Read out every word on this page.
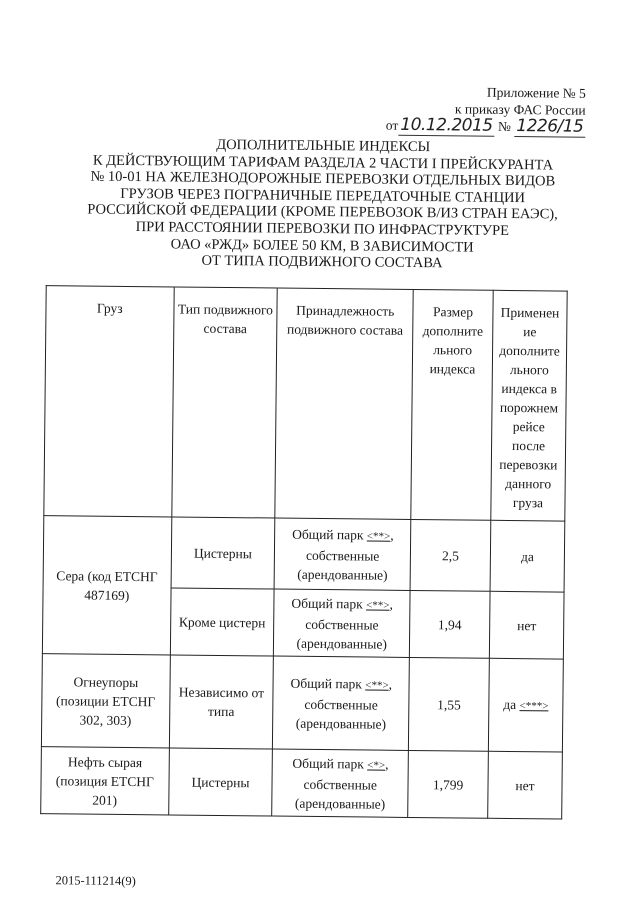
Приложение № 5
к приказу ФАС России
от 10.12.2015 № 1226/15
ДОПОЛНИТЕЛЬНЫЕ ИНДЕКСЫ
К ДЕЙСТВУЮЩИМ ТАРИФАМ РАЗДЕЛА 2 ЧАСТИ I ПРЕЙСКУРАНТА
№ 10-01 НА ЖЕЛЕЗНОДОРОЖНЫЕ ПЕРЕВОЗКИ ОТДЕЛЬНЫХ ВИДОВ
ГРУЗОВ ЧЕРЕЗ ПОГРАНИЧНЫЕ ПЕРЕДАТОЧНЫЕ СТАНЦИИ
РОССИЙСКОЙ ФЕДЕРАЦИИ (КРОМЕ ПЕРЕВОЗОК В/ИЗ СТРАН ЕАЭС),
ПРИ РАССТОЯНИИ ПЕРЕВОЗКИ ПО ИНФРАСТРУКТУРЕ
ОАО «РЖД» БОЛЕЕ 50 КМ, В ЗАВИСИМОСТИ
ОТ ТИПА ПОДВИЖНОГО СОСТАВА
Груз	Тип подвижного состава	Принадлежность подвижного состава	Размер дополните льного индекса	Применен ие дополните льного индекса в порожнем рейсе после перевозки данного груза
Сера (код ЕТСНГ 487169)	Цистерны	Общий парк <**>, собственные (арендованные)	2,5	да
	Кроме цистерн	Общий парк <**>, собственные (арендованные)	1,94	нет
Огнеупоры (позиции ЕТСНГ 302, 303)	Независимо от типа	Общий парк <**>, собственные (арендованные)	1,55	да <***>
Нефть сырая (позиция ЕТСНГ 201)	Цистерны	Общий парк <*>, собственные (арендованные)	1,799	нет
2015-111214(9)
